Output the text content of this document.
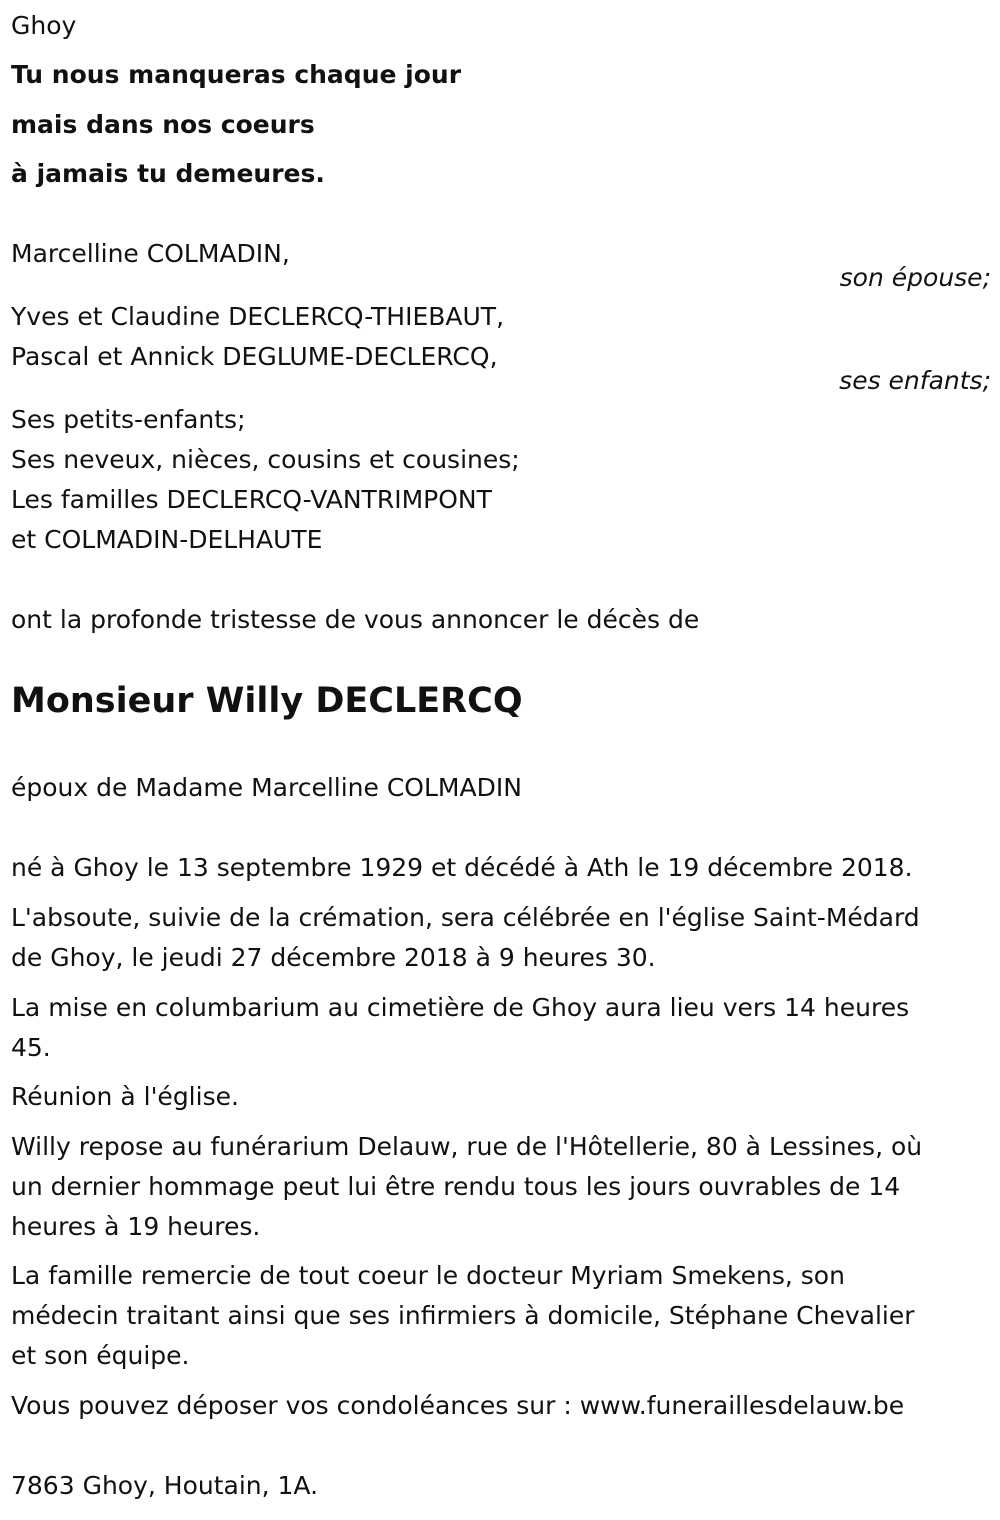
Ghoy
Tu nous manqueras chaque jour
mais dans nos coeurs
à jamais tu demeures.
Marcelline COLMADIN,
son épouse;
Yves et Claudine DECLERCQ-THIEBAUT,
Pascal et Annick DEGLUME-DECLERCQ,
ses enfants;
Ses petits-enfants;
Ses neveux, nièces, cousins et cousines;
Les familles DECLERCQ-VANTRIMPONT
et COLMADIN-DELHAUTE
ont la profonde tristesse de vous annoncer le décès de
Monsieur Willy DECLERCQ
époux de Madame Marcelline COLMADIN
né à Ghoy le 13 septembre 1929 et décédé à Ath le 19 décembre 2018.
L'absoute, suivie de la crémation, sera célébrée en l'église Saint-Médard
de Ghoy, le jeudi 27 décembre 2018 à 9 heures 30.
La mise en columbarium au cimetière de Ghoy aura lieu vers 14 heures
45.
Réunion à l'église.
Willy repose au funérarium Delauw, rue de l'Hôtellerie, 80 à Lessines, où
un dernier hommage peut lui être rendu tous les jours ouvrables de 14
heures à 19 heures.
La famille remercie de tout coeur le docteur Myriam Smekens, son
médecin traitant ainsi que ses infirmiers à domicile, Stéphane Chevalier
et son équipe.
Vous pouvez déposer vos condoléances sur : www.funeraillesdelauw.be
7863 Ghoy, Houtain, 1A.
